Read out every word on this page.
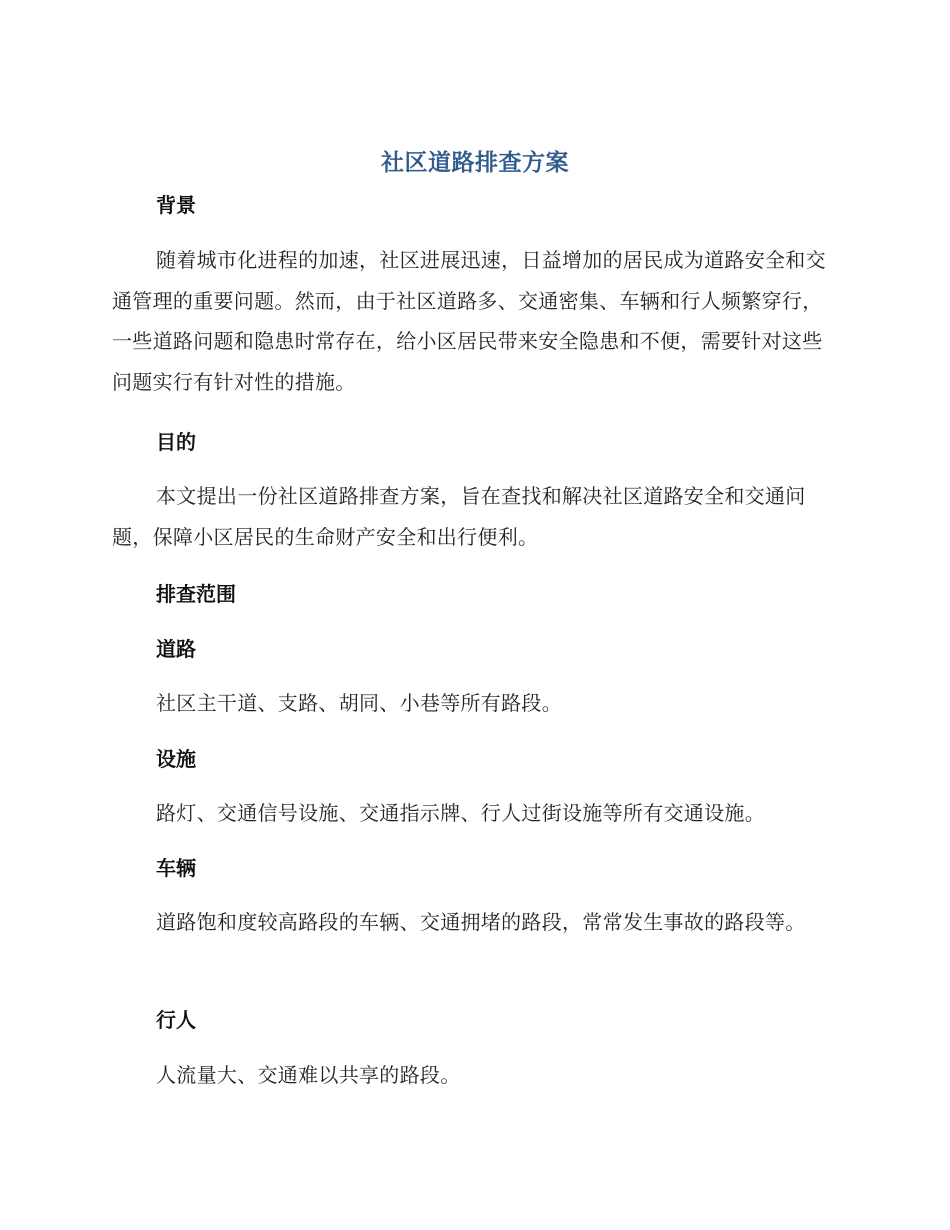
社区道路排查方案
背景
随着城市化进程的加速，社区进展迅速，日益增加的居民成为道路安全和交通管理的重要问题。然而，由于社区道路多、交通密集、车辆和行人频繁穿行，一些道路问题和隐患时常存在，给小区居民带来安全隐患和不便，需要针对这些问题实行有针对性的措施。
目的
本文提出一份社区道路排查方案，旨在查找和解决社区道路安全和交通问题，保障小区居民的生命财产安全和出行便利。
排查范围
道路
社区主干道、支路、胡同、小巷等所有路段。
设施
路灯、交通信号设施、交通指示牌、行人过街设施等所有交通设施。
车辆
道路饱和度较高路段的车辆、交通拥堵的路段，常常发生事故的路段等。
行人
人流量大、交通难以共享的路段。
